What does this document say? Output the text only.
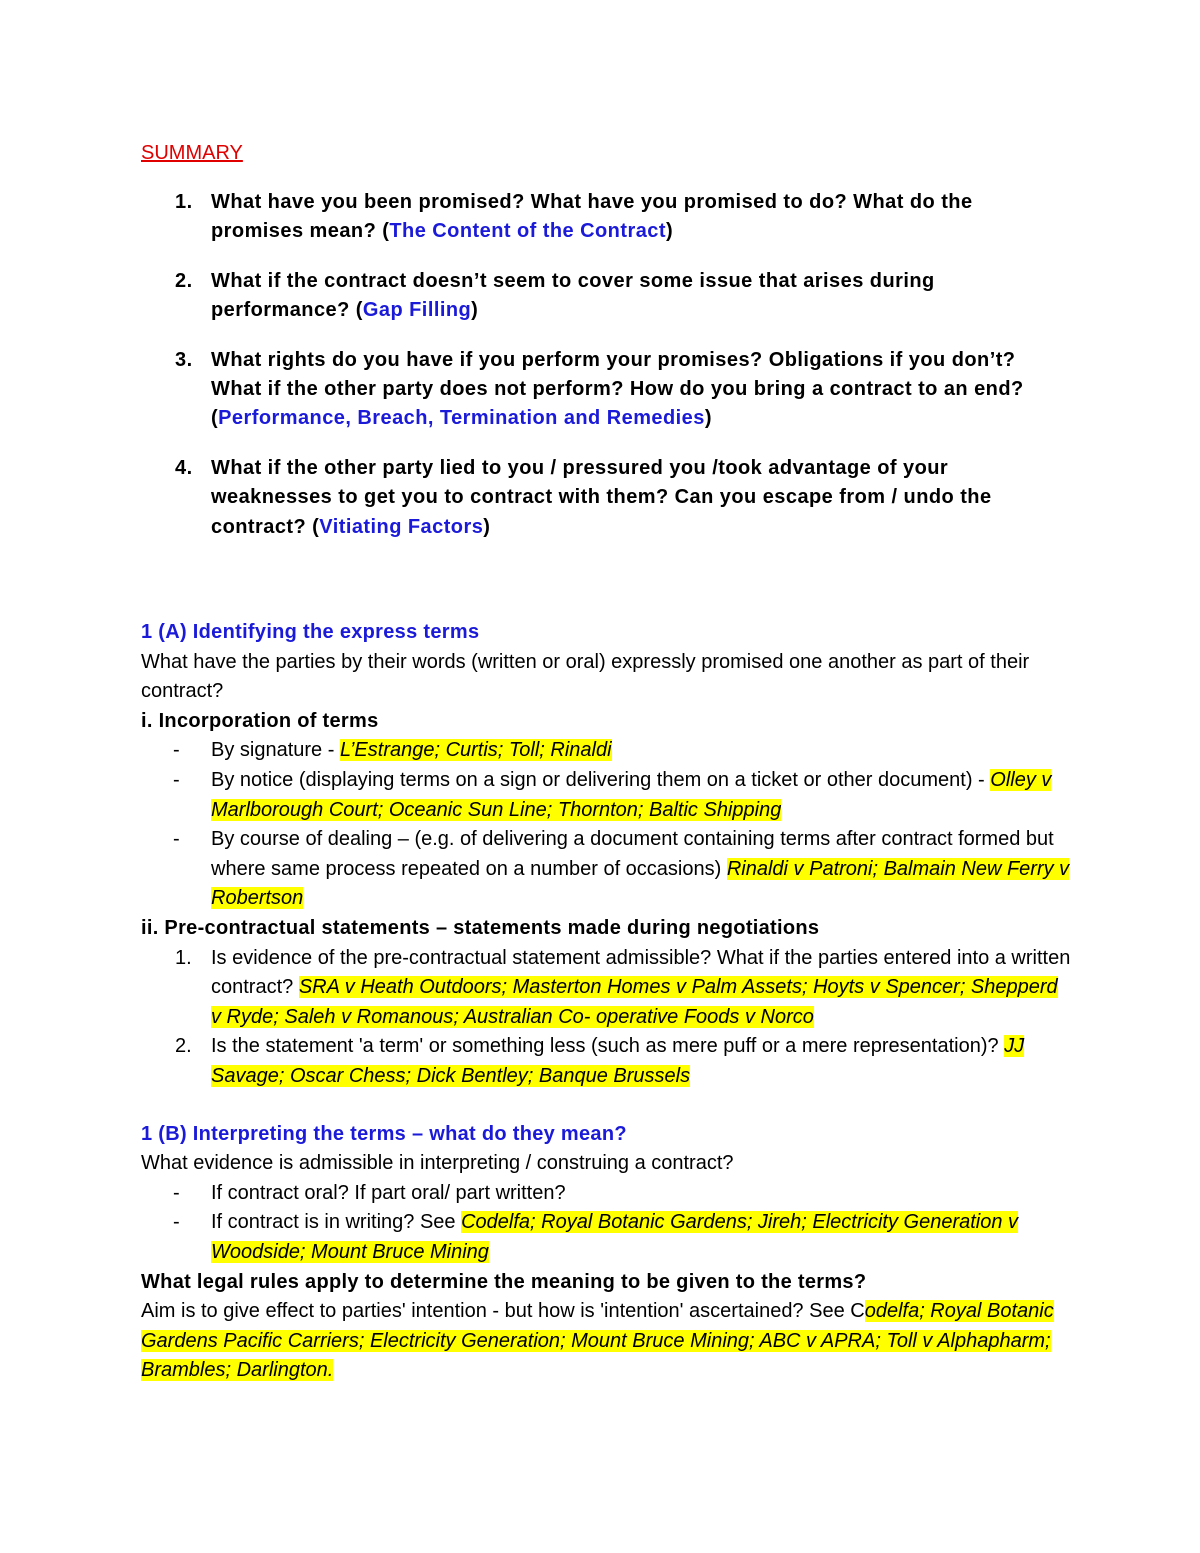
SUMMARY
1. What have you been promised? What have you promised to do? What do the promises mean? (The Content of the Contract)
2. What if the contract doesn’t seem to cover some issue that arises during performance? (Gap Filling)
3. What rights do you have if you perform your promises? Obligations if you don’t? What if the other party does not perform? How do you bring a contract to an end? (Performance, Breach, Termination and Remedies)
4. What if the other party lied to you / pressured you /took advantage of your weaknesses to get you to contract with them? Can you escape from / undo the contract? (Vitiating Factors)
1 (A) Identifying the express terms

What have the parties by their words (written or oral) expressly promised one another as part of their contract?

i. Incorporation of terms
- By signature - L’Estrange; Curtis; Toll; Rinaldi
- By notice (displaying terms on a sign or delivering them on a ticket or other document) - Olley v Marlborough Court; Oceanic Sun Line; Thornton; Baltic Shipping
- By course of dealing – (e.g. of delivering a document containing terms after contract formed but where same process repeated on a number of occasions) Rinaldi v Patroni; Balmain New Ferry v Robertson
ii. Pre-contractual statements – statements made during negotiations
1. Is evidence of the pre-contractual statement admissible? What if the parties entered into a written contract? SRA v Heath Outdoors; Masterton Homes v Palm Assets; Hoyts v Spencer; Shepperd v Ryde; Saleh v Romanous; Australian Co- operative Foods v Norco
2. Is the statement 'a term' or something less (such as mere puff or a mere representation)? JJ Savage; Oscar Chess; Dick Bentley; Banque Brussels
1 (B) Interpreting the terms – what do they mean?

What evidence is admissible in interpreting / construing a contract?

- If contract oral? If part oral/ part written?
- If contract is in writing? See Codelfa; Royal Botanic Gardens; Jireh; Electricity Generation v Woodside; Mount Bruce Mining
What legal rules apply to determine the meaning to be given to the terms?

Aim is to give effect to parties' intention - but how is 'intention' ascertained? See Codelfa; Royal Botanic Gardens Pacific Carriers; Electricity Generation; Mount Bruce Mining; ABC v APRA; Toll v Alphapharm; Brambles; Darlington.
